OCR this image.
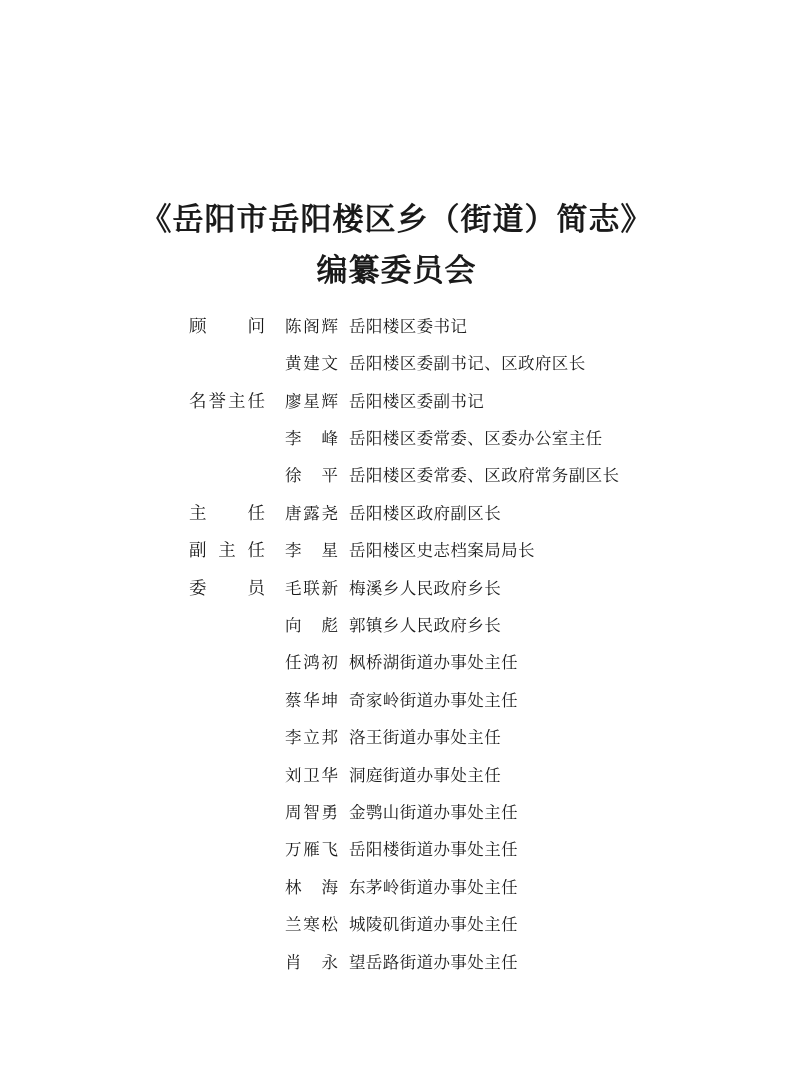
《岳阳市岳阳楼区乡（街道）简志》
编纂委员会
顾　　问 陈阁辉 岳阳楼区委书记
黄建文 岳阳楼区委副书记、区政府区长
名誉主任 廖星辉 岳阳楼区委副书记
李　峰 岳阳楼区委常委、区委办公室主任
徐　平 岳阳楼区委常委、区政府常务副区长
主　　任 唐露尧 岳阳楼区政府副区长
副 主 任 李　星 岳阳楼区史志档案局局长
委　　员 毛联新 梅溪乡人民政府乡长
向　彪 郭镇乡人民政府乡长
任鸿初 枫桥湖街道办事处主任
蔡华坤 奇家岭街道办事处主任
李立邦 洛王街道办事处主任
刘卫华 洞庭街道办事处主任
周智勇 金鹗山街道办事处主任
万雁飞 岳阳楼街道办事处主任
林　海 东茅岭街道办事处主任
兰寒松 城陵矶街道办事处主任
肖　永 望岳路街道办事处主任
